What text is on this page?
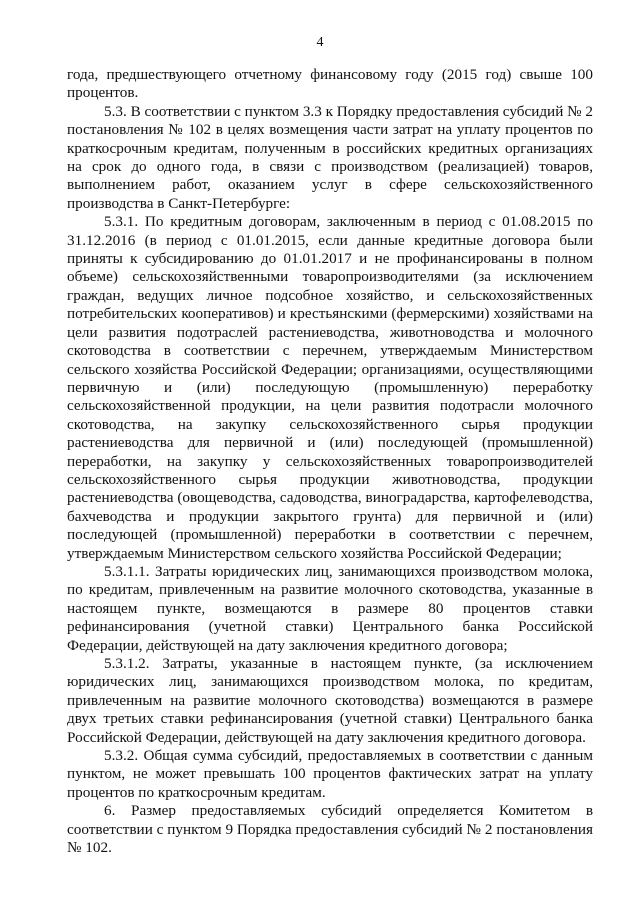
4

года, предшествующего отчетному финансовому году (2015 год) свыше 100 процентов.

5.3. В соответствии с пунктом 3.3 к Порядку предоставления субсидий № 2 постановления № 102 в целях возмещения части затрат на уплату процентов по краткосрочным кредитам, полученным в российских кредитных организациях на срок до одного года, в связи с производством (реализацией) товаров, выполнением работ, оказанием услуг в сфере сельскохозяйственного производства в Санкт-Петербурге:

5.3.1. По кредитным договорам, заключенным в период с 01.08.2015 по 31.12.2016 (в период с 01.01.2015, если данные кредитные договора были приняты к субсидированию до 01.01.2017 и не профинансированы в полном объеме) сельскохозяйственными товаропроизводителями (за исключением граждан, ведущих личное подсобное хозяйство, и сельскохозяйственных потребительских кооперативов) и крестьянскими (фермерскими) хозяйствами на цели развития подотраслей растениеводства, животноводства и молочного скотоводства в соответствии с перечнем, утверждаемым Министерством сельского хозяйства Российской Федерации; организациями, осуществляющими первичную и (или) последующую (промышленную) переработку сельскохозяйственной продукции, на цели развития подотрасли молочного скотоводства, на закупку сельскохозяйственного сырья продукции растениеводства для первичной и (или) последующей (промышленной) переработки, на закупку у сельскохозяйственных товаропроизводителей сельскохозяйственного сырья продукции животноводства, продукции растениеводства (овощеводства, садоводства, виноградарства, картофелеводства, бахчеводства и продукции закрытого грунта) для первичной и (или) последующей (промышленной) переработки в соответствии с перечнем, утверждаемым Министерством сельского хозяйства Российской Федерации;

5.3.1.1. Затраты юридических лиц, занимающихся производством молока, по кредитам, привлеченным на развитие молочного скотоводства, указанные в настоящем пункте, возмещаются в размере 80 процентов ставки рефинансирования (учетной ставки) Центрального банка Российской Федерации, действующей на дату заключения кредитного договора;

5.3.1.2. Затраты, указанные в настоящем пункте, (за исключением юридических лиц, занимающихся производством молока, по кредитам, привлеченным на развитие молочного скотоводства) возмещаются в размере двух третьих ставки рефинансирования (учетной ставки) Центрального банка Российской Федерации, действующей на дату заключения кредитного договора.

5.3.2. Общая сумма субсидий, предоставляемых в соответствии с данным пунктом, не может превышать 100 процентов фактических затрат на уплату процентов по краткосрочным кредитам.

6. Размер предоставляемых субсидий определяется Комитетом в соответствии с пунктом 9 Порядка предоставления субсидий № 2 постановления № 102.
